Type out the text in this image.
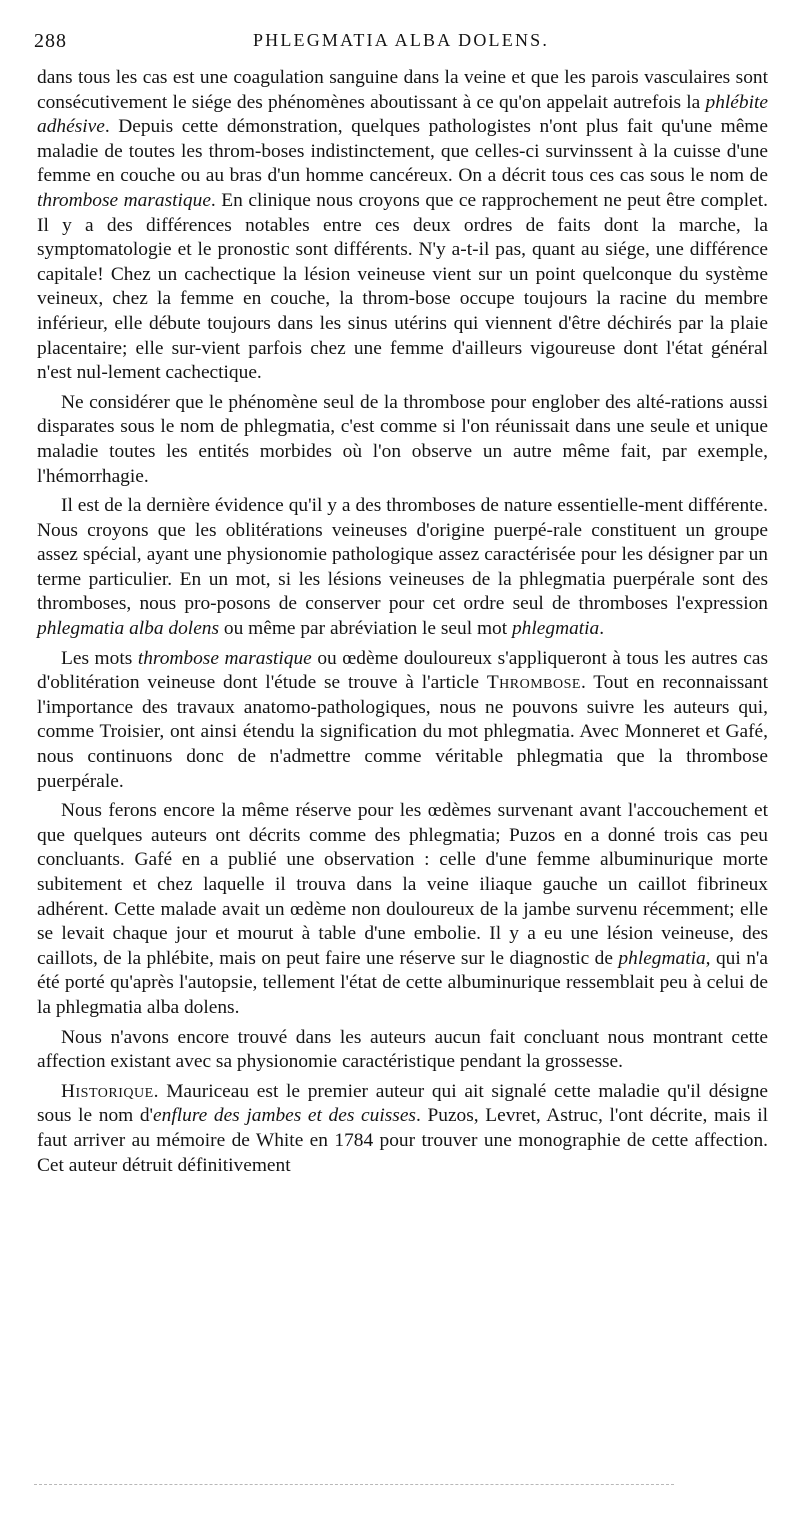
288	PHLEGMATIA ALBA DOLENS.

dans tous les cas est une coagulation sanguine dans la veine et que les parois vasculaires sont consécutivement le siége des phénomènes aboutissant à ce qu'on appelait autrefois la phlébite adhésive. Depuis cette démonstration, quelques pathologistes n'ont plus fait qu'une même maladie de toutes les throm-boses indistinctement, que celles-ci survinssent à la cuisse d'une femme en couche ou au bras d'un homme cancéreux. On a décrit tous ces cas sous le nom de thrombose marastique. En clinique nous croyons que ce rapprochement ne peut être complet. Il y a des différences notables entre ces deux ordres de faits dont la marche, la symptomatologie et le pronostic sont différents. N'y a-t-il pas, quant au siége, une différence capitale! Chez un cachectique la lésion veineuse vient sur un point quelconque du système veineux, chez la femme en couche, la throm-bose occupe toujours la racine du membre inférieur, elle débute toujours dans les sinus utérins qui viennent d'être déchirés par la plaie placentaire; elle sur-vient parfois chez une femme d'ailleurs vigoureuse dont l'état général n'est nul-lement cachectique.

Ne considérer que le phénomène seul de la thrombose pour englober des alté-rations aussi disparates sous le nom de phlegmatia, c'est comme si l'on réunissait dans une seule et unique maladie toutes les entités morbides où l'on observe un autre même fait, par exemple, l'hémorrhagie.

Il est de la dernière évidence qu'il y a des thromboses de nature essentielle-ment différente. Nous croyons que les oblitérations veineuses d'origine puerpé-rale constituent un groupe assez spécial, ayant une physionomie pathologique assez caractérisée pour les désigner par un terme particulier. En un mot, si les lésions veineuses de la phlegmatia puerpérale sont des thromboses, nous pro-posons de conserver pour cet ordre seul de thromboses l'expression phlegmatia alba dolens ou même par abréviation le seul mot phlegmatia.

Les mots thrombose marastique ou œdème douloureux s'appliqueront à tous les autres cas d'oblitération veineuse dont l'étude se trouve à l'article Thrombose. Tout en reconnaissant l'importance des travaux anatomo-pathologiques, nous ne pouvons suivre les auteurs qui, comme Troisier, ont ainsi étendu la signification du mot phlegmatia. Avec Monneret et Gafé, nous continuons donc de n'admettre comme véritable phlegmatia que la thrombose puerpérale.

Nous ferons encore la même réserve pour les œdèmes survenant avant l'accouchement et que quelques auteurs ont décrits comme des phlegmatia; Puzos en a donné trois cas peu concluants. Gafé en a publié une observation : celle d'une femme albuminurique morte subitement et chez laquelle il trouva dans la veine iliaque gauche un caillot fibrineux adhérent. Cette malade avait un œdème non douloureux de la jambe survenu récemment; elle se levait chaque jour et mourut à table d'une embolie. Il y a eu une lésion veineuse, des caillots, de la phlébite, mais on peut faire une réserve sur le diagnostic de phlegmatia, qui n'a été porté qu'après l'autopsie, tellement l'état de cette albuminurique ressemblait peu à celui de la phlegmatia alba dolens.

Nous n'avons encore trouvé dans les auteurs aucun fait concluant nous montrant cette affection existant avec sa physionomie caractéristique pendant la grossesse.

Historique. Mauriceau est le premier auteur qui ait signalé cette maladie qu'il désigne sous le nom d'enflure des jambes et des cuisses. Puzos, Levret, Astruc, l'ont décrite, mais il faut arriver au mémoire de White en 1784 pour trouver une monographie de cette affection. Cet auteur détruit définitivement
